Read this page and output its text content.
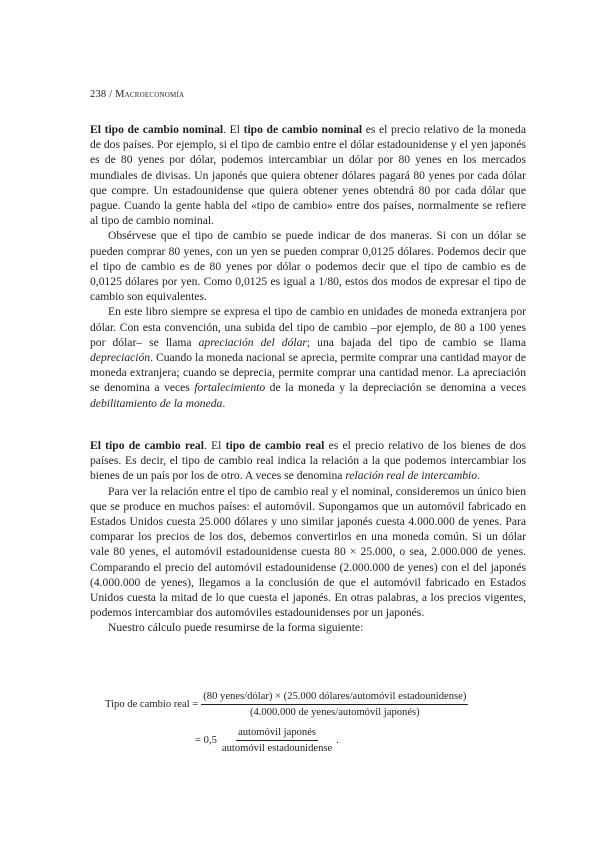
238 / Macroeconomía

El tipo de cambio nominal. El tipo de cambio nominal es el precio relativo de la moneda de dos países. Por ejemplo, si el tipo de cambio entre el dólar estadounidense y el yen japonés es de 80 yenes por dólar, podemos intercambiar un dólar por 80 yenes en los mercados mundiales de divisas. Un japonés que quiera obtener dólares pagará 80 yenes por cada dólar que compre. Un estadounidense que quiera obtener yenes obtendrá 80 por cada dólar que pague. Cuando la gente habla del «tipo de cambio» entre dos países, normalmente se refiere al tipo de cambio nominal.

Obsérvese que el tipo de cambio se puede indicar de dos maneras. Si con un dólar se pueden comprar 80 yenes, con un yen se pueden comprar 0,0125 dólares. Podemos decir que el tipo de cambio es de 80 yenes por dólar o podemos decir que el tipo de cambio es de 0,0125 dólares por yen. Como 0,0125 es igual a 1/80, estos dos modos de expresar el tipo de cambio son equivalentes.

En este libro siempre se expresa el tipo de cambio en unidades de moneda extranjera por dólar. Con esta convención, una subida del tipo de cambio –por ejemplo, de 80 a 100 yenes por dólar– se llama apreciación del dólar; una bajada del tipo de cambio se llama depreciación. Cuando la moneda nacional se aprecia, permite comprar una cantidad mayor de moneda extranjera; cuando se deprecia, permite comprar una cantidad menor. La apreciación se denomina a veces fortalecimiento de la moneda y la depreciación se denomina a veces debilitamiento de la moneda.

El tipo de cambio real. El tipo de cambio real es el precio relativo de los bienes de dos países. Es decir, el tipo de cambio real indica la relación a la que podemos intercambiar los bienes de un país por los de otro. A veces se denomina relación real de intercambio.

Para ver la relación entre el tipo de cambio real y el nominal, consideremos un único bien que se produce en muchos países: el automóvil. Supongamos que un automóvil fabricado en Estados Unidos cuesta 25.000 dólares y uno similar japonés cuesta 4.000.000 de yenes. Para comparar los precios de los dos, debemos convertirlos en una moneda común. Si un dólar vale 80 yenes, el automóvil estadounidense cuesta 80 × 25.000, o sea, 2.000.000 de yenes. Comparando el precio del automóvil estadounidense (2.000.000 de yenes) con el del japonés (4.000.000 de yenes), llegamos a la conclusión de que el automóvil fabricado en Estados Unidos cuesta la mitad de lo que cuesta el japonés. En otras palabras, a los precios vigentes, podemos intercambiar dos automóviles estadounidenses por un japonés.

Nuestro cálculo puede resumirse de la forma siguiente:

Tipo de cambio real = $\frac{\text{(80 yenes/dólar) × (25.000 dólares/automóvil estadounidense)}}{\text{(4.000.000 de yenes/automóvil japonés)}}$
= $0,5 \frac{\text{automóvil japonés}}{\text{automóvil estadounidense}}$ .
